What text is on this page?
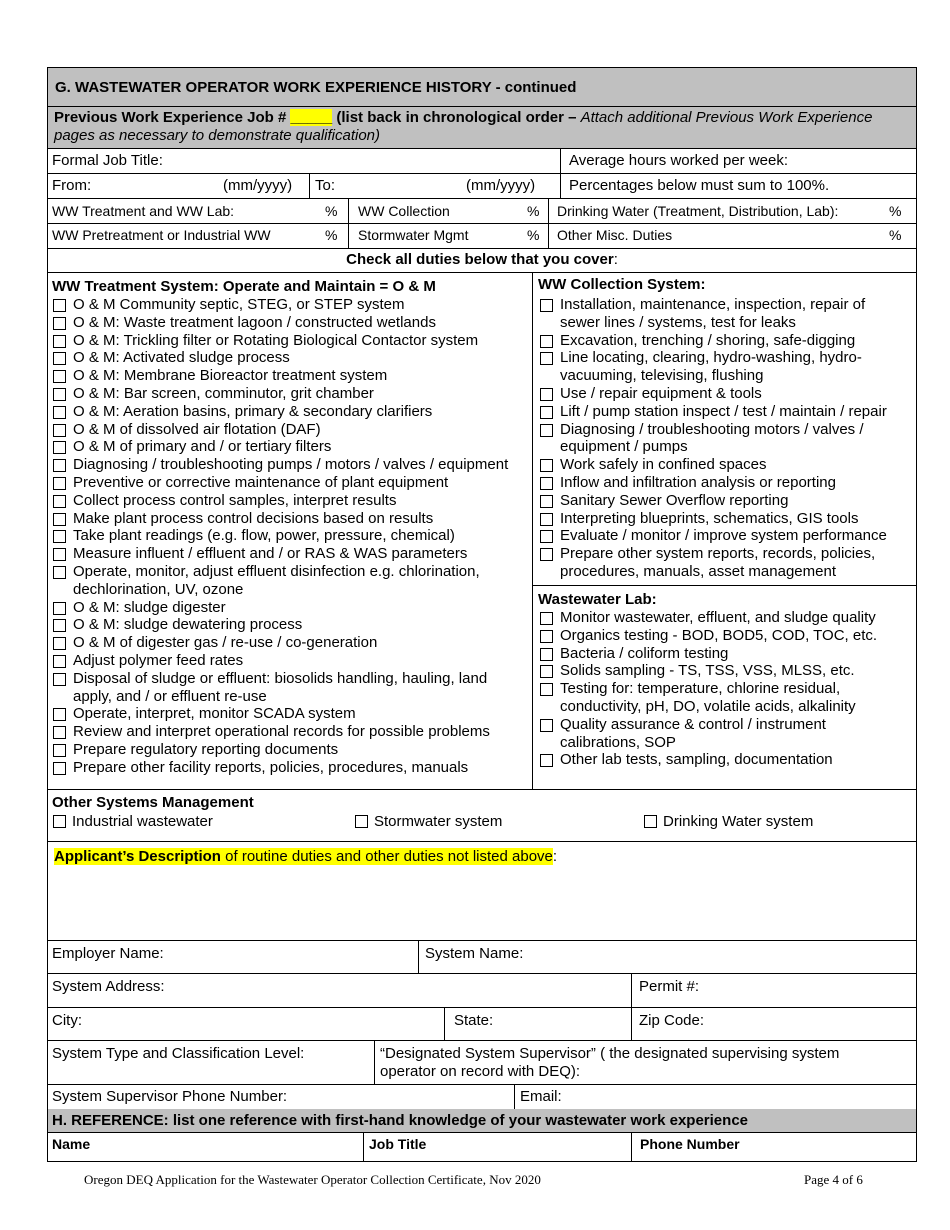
G. WASTEWATER OPERATOR WORK EXPERIENCE HISTORY - continued
Previous Work Experience Job # _____ (list back in chronological order – Attach additional Previous Work Experience pages as necessary to demonstrate qualification)
Formal Job Title:	Average hours worked per week:
From:	(mm/yyyy) To:	(mm/yyyy) Percentages below must sum to 100%.
WW Treatment and WW Lab:	% WW Collection	% Drinking Water (Treatment, Distribution, Lab):	%
WW Pretreatment or Industrial WW	% Stormwater Mgmt	% Other Misc. Duties	%
Check all duties below that you cover:
WW Treatment System: Operate and Maintain = O & M
O & M Community septic, STEG, or STEP system
O & M: Waste treatment lagoon / constructed wetlands
O & M: Trickling filter or Rotating Biological Contactor system
O & M: Activated sludge process
O & M: Membrane Bioreactor treatment system
O & M: Bar screen, comminutor, grit chamber
O & M: Aeration basins, primary & secondary clarifiers
O & M of dissolved air flotation (DAF)
O & M of primary and / or tertiary filters
Diagnosing / troubleshooting pumps / motors / valves / equipment
Preventive or corrective maintenance of plant equipment
Collect process control samples, interpret results
Make plant process control decisions based on results
Take plant readings (e.g. flow, power, pressure, chemical)
Measure influent / effluent and / or RAS & WAS parameters
Operate, monitor, adjust effluent disinfection e.g. chlorination,
dechlorination, UV, ozone
O & M: sludge digester
O & M: sludge dewatering process
O & M of digester gas / re-use / co-generation
Adjust polymer feed rates
Disposal of sludge or effluent: biosolids handling, hauling, land
apply, and / or effluent re-use
Operate, interpret, monitor SCADA system
Review and interpret operational records for possible problems
Prepare regulatory reporting documents
Prepare other facility reports, policies, procedures, manuals
WW Collection System:
Installation, maintenance, inspection, repair of
sewer lines / systems, test for leaks
Excavation, trenching / shoring, safe-digging
Line locating, clearing, hydro-washing, hydro-
vacuuming, televising, flushing
Use / repair equipment & tools
Lift / pump station inspect / test / maintain / repair
Diagnosing / troubleshooting motors / valves /
equipment / pumps
Work safely in confined spaces
Inflow and infiltration analysis or reporting
Sanitary Sewer Overflow reporting
Interpreting blueprints, schematics, GIS tools
Evaluate / monitor / improve system performance
Prepare other system reports, records, policies,
procedures, manuals, asset management
Wastewater Lab:
Monitor wastewater, effluent, and sludge quality
Organics testing - BOD, BOD5, COD, TOC, etc.
Bacteria / coliform testing
Solids sampling - TS, TSS, VSS, MLSS, etc.
Testing for: temperature, chlorine residual,
conductivity, pH, DO, volatile acids, alkalinity
Quality assurance & control / instrument
calibrations, SOP
Other lab tests, sampling, documentation
Other Systems Management
Industrial wastewater	Stormwater system	Drinking Water system
Applicant’s Description of routine duties and other duties not listed above:
Employer Name:	System Name:
System Address:	Permit #:
City:	State:	Zip Code:
System Type and Classification Level:	“Designated System Supervisor” ( the designated supervising system
operator on record with DEQ):
System Supervisor Phone Number:	Email:
H. REFERENCE: list one reference with first-hand knowledge of your wastewater work experience
Name	Job Title	Phone Number
Oregon DEQ Application for the Wastewater Operator Collection Certificate, Nov 2020	Page 4 of 6
